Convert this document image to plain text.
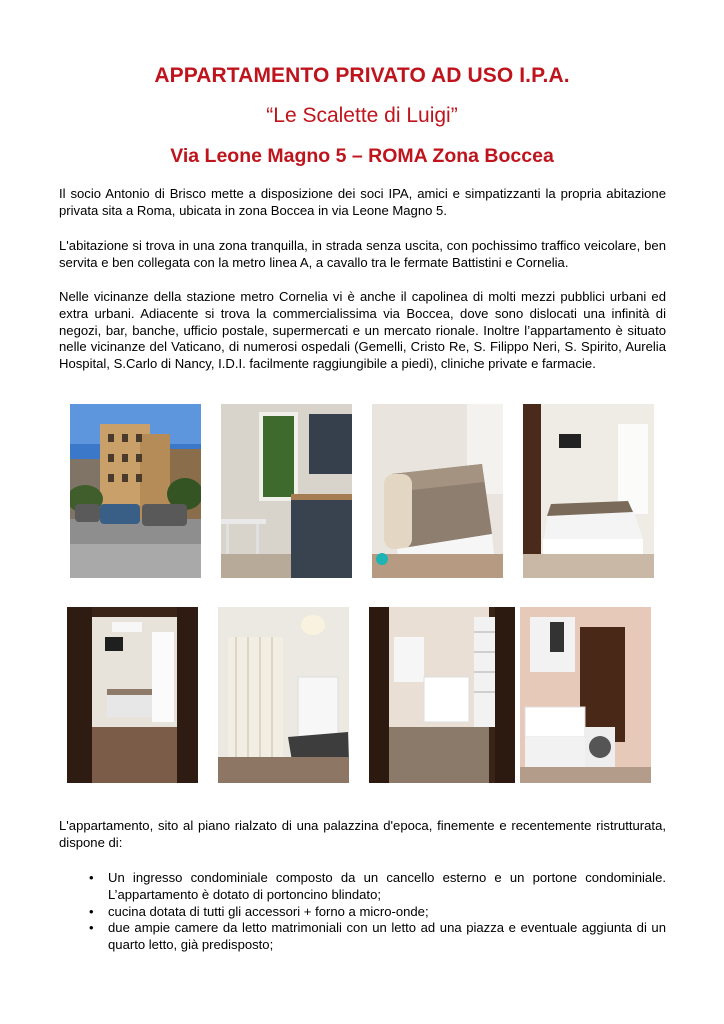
APPARTAMENTO PRIVATO AD USO I.P.A.
“Le Scalette di Luigi”
Via Leone Magno 5 – ROMA Zona Boccea

Il socio Antonio di Brisco mette a disposizione dei soci IPA, amici e simpatizzanti la propria abitazione privata sita a Roma, ubicata in zona Boccea in via Leone Magno 5.

L'abitazione si trova in una zona tranquilla, in strada senza uscita, con pochissimo traffico veicolare, ben servita e ben collegata con la metro linea A, a cavallo tra le fermate Battistini e Cornelia.

Nelle vicinanze della stazione metro Cornelia vi è anche il capolinea di molti mezzi pubblici urbani ed extra urbani. Adiacente si trova la commercialissima via Boccea, dove sono dislocati una infinità di negozi, bar, banche, ufficio postale, supermercati e un mercato rionale. Inoltre l’appartamento è situato nelle vicinanze del Vaticano, di numerosi ospedali (Gemelli, Cristo Re, S. Filippo Neri, S. Spirito, Aurelia Hospital, S.Carlo di Nancy, I.D.I. facilmente raggiungibile a piedi), cliniche private e farmacie.

L'appartamento, sito al piano rialzato di una palazzina d'epoca, finemente e recentemente ristrutturata, dispone di:

• Un ingresso condominiale composto da un cancello esterno e un portone condominiale. L’appartamento è dotato di portoncino blindato;
• cucina dotata di tutti gli accessori + forno a micro-onde;
• due ampie camere da letto matrimoniali con un letto ad una piazza e eventuale aggiunta di un quarto letto, già predisposto;
